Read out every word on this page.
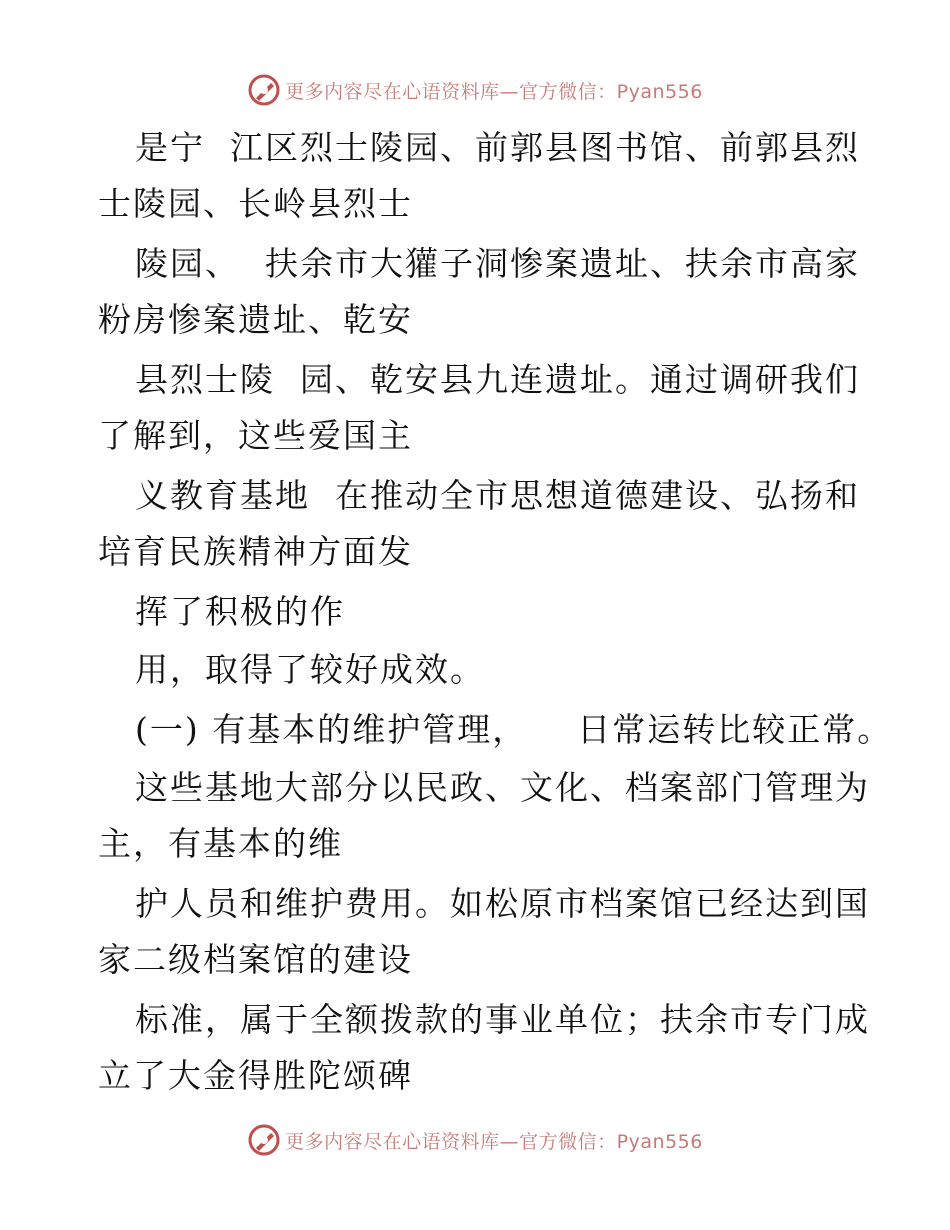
更多内容尽在心语资料库—官方微信：Pyan556
是宁  江区烈士陵园、前郭县图书馆、前郭县烈
士陵园、长岭县烈士
陵园、  扶余市大獾子洞惨案遗址、扶余市高家
粉房惨案遗址、乾安
县烈士陵  园、乾安县九连遗址。通过调研我们
了解到，这些爱国主
义教育基地  在推动全市思想道德建设、弘扬和
培育民族精神方面发
挥了积极的作
用，取得了较好成效。
(一) 有基本的维护管理，    日常运转比较正常。
这些基地大部分以民政、文化、档案部门管理为
主，有基本的维
护人员和维护费用。如松原市档案馆已经达到国
家二级档案馆的建设
标准，属于全额拨款的事业单位；扶余市专门成
立了大金得胜陀颂碑
更多内容尽在心语资料库—官方微信：Pyan556
